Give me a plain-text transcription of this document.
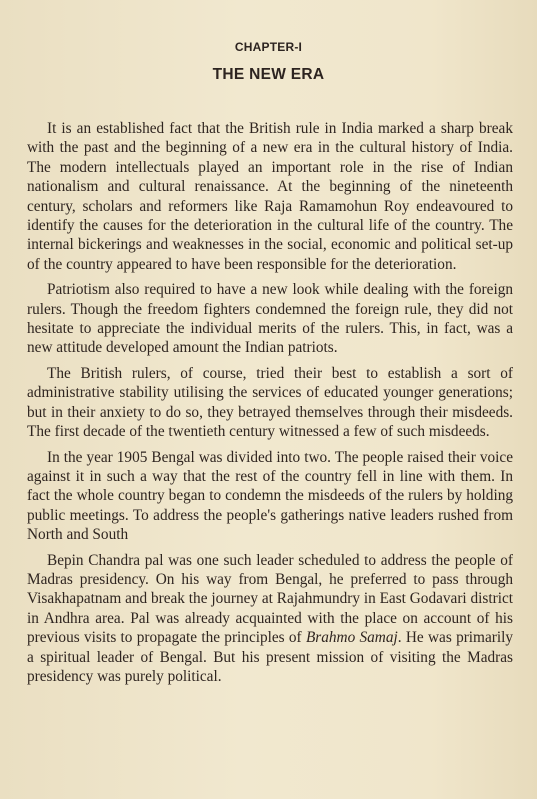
CHAPTER-I
THE NEW ERA

It is an established fact that the British rule in India marked a sharp break with the past and the beginning of a new era in the cultural history of India. The modern intellectuals played an important role in the rise of Indian nationalism and cultural renaissance. At the beginning of the nineteenth century, scholars and reformers like Raja Ramamohun Roy endeavoured to identify the causes for the deterioration in the cultural life of the country. The internal bickerings and weaknesses in the social, economic and political set-up of the country appeared to have been responsible for the deterioration.

Patriotism also required to have a new look while dealing with the foreign rulers. Though the freedom fighters condemned the foreign rule, they did not hesitate to appreciate the individual merits of the rulers. This, in fact, was a new attitude developed amount the Indian patriots.

The British rulers, of course, tried their best to establish a sort of administrative stability utilising the services of educated younger generations; but in their anxiety to do so, they betrayed themselves through their misdeeds. The first decade of the twentieth century witnessed a few of such misdeeds.

In the year 1905 Bengal was divided into two. The people raised their voice against it in such a way that the rest of the country fell in line with them. In fact the whole country began to condemn the misdeeds of the rulers by holding public meetings. To address the people's gatherings native leaders rushed from North and South

Bepin Chandra pal was one such leader scheduled to address the people of Madras presidency. On his way from Bengal, he preferred to pass through Visakhapatnam and break the journey at Rajahmundry in East Godavari district in Andhra area. Pal was already acquainted with the place on account of his previous visits to propagate the principles of Brahmo Samaj. He was primarily a spiritual leader of Bengal. But his present mission of visiting the Madras presidency was purely political.
